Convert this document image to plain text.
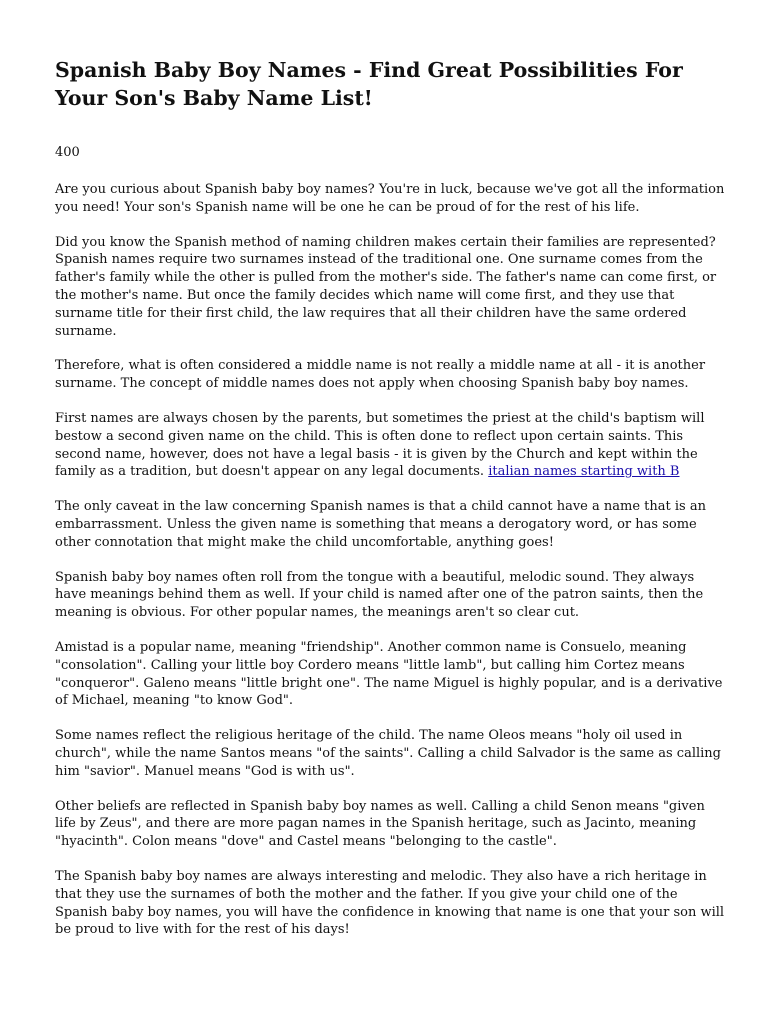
Spanish Baby Boy Names - Find Great Possibilities For Your Son's Baby Name List!
400

Are you curious about Spanish baby boy names? You're in luck, because we've got all the information you need! Your son's Spanish name will be one he can be proud of for the rest of his life.

Did you know the Spanish method of naming children makes certain their families are represented? Spanish names require two surnames instead of the traditional one. One surname comes from the father's family while the other is pulled from the mother's side. The father's name can come first, or the mother's name. But once the family decides which name will come first, and they use that surname title for their first child, the law requires that all their children have the same ordered surname.

Therefore, what is often considered a middle name is not really a middle name at all - it is another surname. The concept of middle names does not apply when choosing Spanish baby boy names.

First names are always chosen by the parents, but sometimes the priest at the child's baptism will bestow a second given name on the child. This is often done to reflect upon certain saints. This second name, however, does not have a legal basis - it is given by the Church and kept within the family as a tradition, but doesn't appear on any legal documents. italian names starting with B

The only caveat in the law concerning Spanish names is that a child cannot have a name that is an embarrassment. Unless the given name is something that means a derogatory word, or has some other connotation that might make the child uncomfortable, anything goes!

Spanish baby boy names often roll from the tongue with a beautiful, melodic sound. They always have meanings behind them as well. If your child is named after one of the patron saints, then the meaning is obvious. For other popular names, the meanings aren't so clear cut.

Amistad is a popular name, meaning "friendship". Another common name is Consuelo, meaning "consolation". Calling your little boy Cordero means "little lamb", but calling him Cortez means "conqueror". Galeno means "little bright one". The name Miguel is highly popular, and is a derivative of Michael, meaning "to know God".

Some names reflect the religious heritage of the child. The name Oleos means "holy oil used in church", while the name Santos means "of the saints". Calling a child Salvador is the same as calling him "savior". Manuel means "God is with us".

Other beliefs are reflected in Spanish baby boy names as well. Calling a child Senon means "given life by Zeus", and there are more pagan names in the Spanish heritage, such as Jacinto, meaning "hyacinth". Colon means "dove" and Castel means "belonging to the castle".

The Spanish baby boy names are always interesting and melodic. They also have a rich heritage in that they use the surnames of both the mother and the father. If you give your child one of the Spanish baby boy names, you will have the confidence in knowing that name is one that your son will be proud to live with for the rest of his days!
